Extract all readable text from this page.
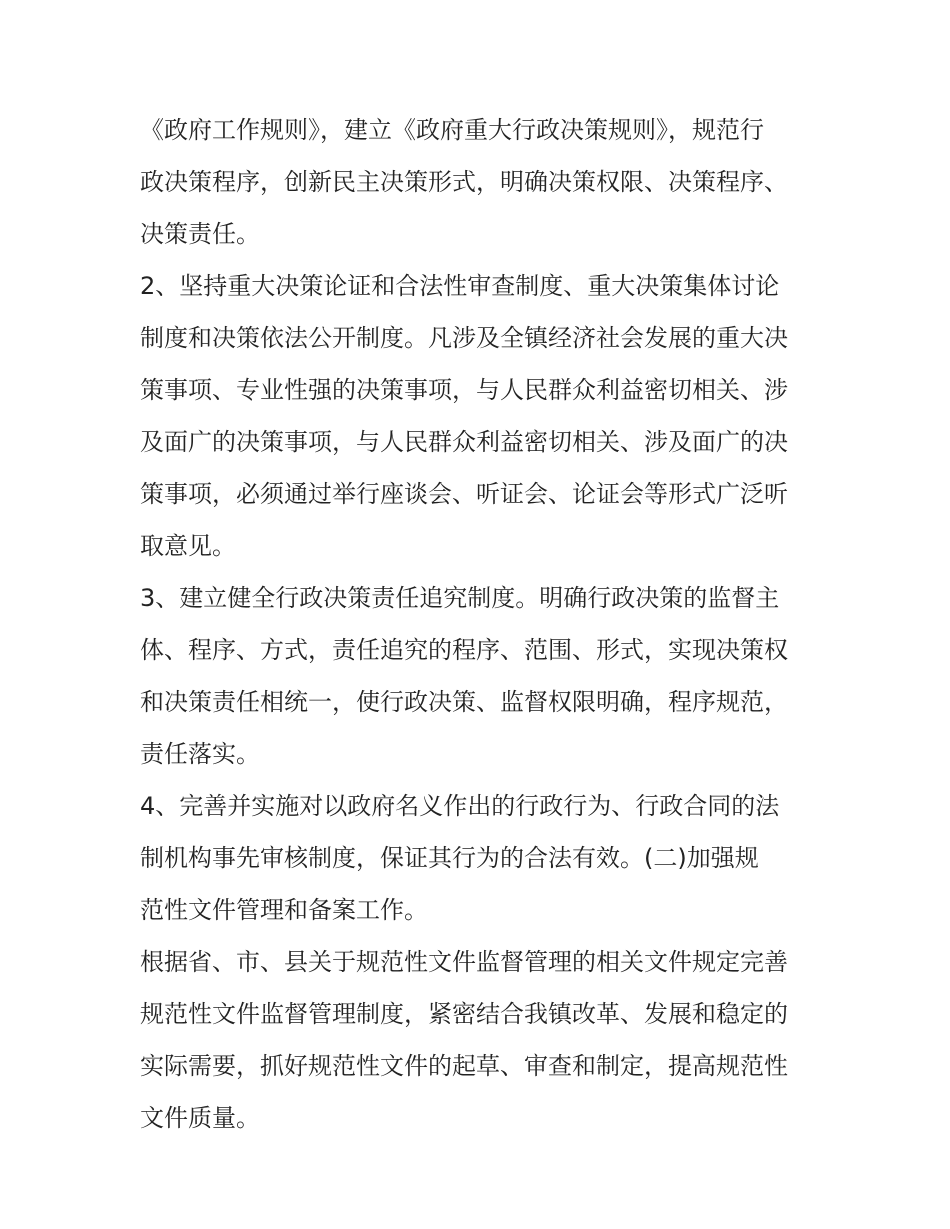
《政府工作规则》，建立《政府重大行政决策规则》，规范行
政决策程序，创新民主决策形式，明确决策权限、决策程序、
决策责任。
2、坚持重大决策论证和合法性审查制度、重大决策集体讨论
制度和决策依法公开制度。凡涉及全镇经济社会发展的重大决
策事项、专业性强的决策事项，与人民群众利益密切相关、涉
及面广的决策事项，与人民群众利益密切相关、涉及面广的决
策事项，必须通过举行座谈会、听证会、论证会等形式广泛听
取意见。
3、建立健全行政决策责任追究制度。明确行政决策的监督主
体、程序、方式，责任追究的程序、范围、形式，实现决策权
和决策责任相统一，使行政决策、监督权限明确，程序规范，
责任落实。
4、完善并实施对以政府名义作出的行政行为、行政合同的法
制机构事先审核制度，保证其行为的合法有效。(二)加强规
范性文件管理和备案工作。
根据省、市、县关于规范性文件监督管理的相关文件规定完善
规范性文件监督管理制度，紧密结合我镇改革、发展和稳定的
实际需要，抓好规范性文件的起草、审查和制定，提高规范性
文件质量。
